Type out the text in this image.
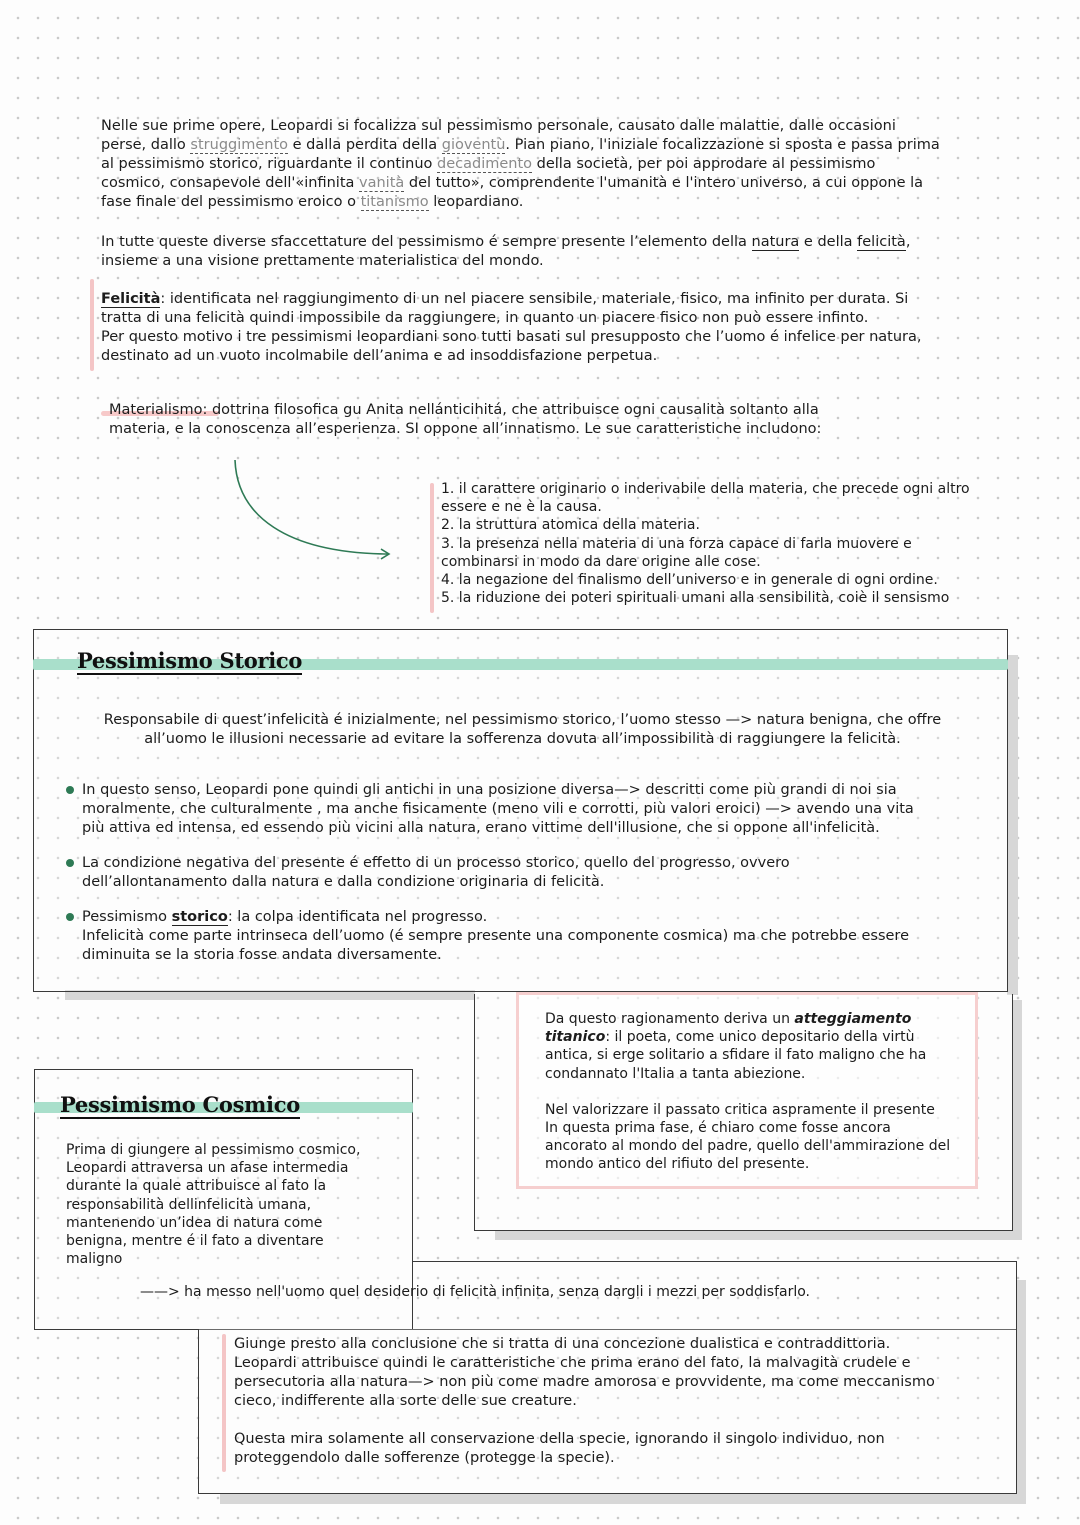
Nelle sue prime opere, Leopardi si focalizza sul pessimismo personale, causato dalle malattie, dalle occasioni

perse, dallo struggimento e dalla perdita della gioventù. Pian piano, l'iniziale focalizzazione si sposta e passa prima

al pessimismo storico, riguardante il continuo decadimento della società, per poi approdare al pessimismo

cosmico, consapevole dell'«infinita vanità del tutto», comprendente l'umanità e l'intero universo, a cui oppone la

fase finale del pessimismo eroico o titanismo leopardiano.

In tutte queste diverse sfaccettature del pessimismo é sempre presente l’elemento della natura e della felicità,

insieme a una visione prettamente materialistica del mondo.

Felicità: identificata nel raggiungimento di un nel piacere sensibile, materiale, fisico, ma infinito per durata. Si

tratta di una felicità quindi impossibile da raggiungere, in quanto un piacere fisico non può essere infinto.

Per questo motivo i tre pessimismi leopardiani sono tutti basati sul presupposto che l’uomo é infelice per natura,

destinato ad un vuoto incolmabile dell’anima e ad insoddisfazione perpetua.

Materialismo: dottrina filosofica gu Anita nellánticihitá, che attribuisce ogni causalità soltanto alla

materia, e la conoscenza all’esperienza. SI oppone all’innatismo. Le sue caratteristiche includono:

1. il carattere originario o inderivabile della materia, che precede ogni altro

essere e ne è la causa.

2. la struttura atomica della materia.

3. la presenza nella materia di una forza capace di farla muovere e

combinarsi in modo da dare origine alle cose.

4. la negazione del finalismo dell’universo e in generale di ogni ordine.

5. la riduzione dei poteri spirituali umani alla sensibilità, coiè il sensismo

Pessimismo Storico

Responsabile di quest’infelicità é inizialmente, nel pessimismo storico, l’uomo stesso —> natura benigna, che offre

all’uomo le illusioni necessarie ad evitare la sofferenza dovuta all’impossibilità di raggiungere la felicità.

In questo senso, Leopardi pone quindi gli antichi in una posizione diversa—> descritti come più grandi di noi sia

moralmente, che culturalmente , ma anche fisicamente (meno vili e corrotti, più valori eroici) —> avendo una vita

più attiva ed intensa, ed essendo più vicini alla natura, erano vittime dell'illusione, che si oppone all'infelicità.

La condizione negativa del presente é effetto di un processo storico, quello del progresso, ovvero

dell’allontanamento dalla natura e dalla condizione originaria di felicità.

Pessimismo storico: la colpa identificata nel progresso.

Infelicità come parte intrinseca dell’uomo (é sempre presente una componente cosmica) ma che potrebbe essere

diminuita se la storia fosse andata diversamente.

Da questo ragionamento deriva un atteggiamento

titanico: il poeta, come unico depositario della virtù

antica, si erge solitario a sfidare il fato maligno che ha

condannato l'Italia a tanta abiezione.

Nel valorizzare il passato critica aspramente il presente

In questa prima fase, é chiaro come fosse ancora

ancorato al mondo del padre, quello dell'ammirazione del

mondo antico del rifiuto del presente.

Pessimismo Cosmico

Prima di giungere al pessimismo cosmico,

Leopardi attraversa un afase intermedia

durante la quale attribuisce al fato la

responsabilità dellinfelicità umana,

mantenendo un’idea di natura come

benigna, mentre é il fato a diventare

maligno

——> ha messo nell'uomo quel desiderio di felicità infinita, senza dargli i mezzi per soddisfarlo.

Giunge presto alla conclusione che si tratta di una concezione dualistica e contraddittoria.

Leopardi attribuisce quindi le caratteristiche che prima erano del fato, la malvagità crudele e

persecutoria alla natura—> non più come madre amorosa e provvidente, ma come meccanismo

cieco, indifferente alla sorte delle sue creature.

Questa mira solamente all conservazione della specie, ignorando il singolo individuo, non

proteggendolo dalle sofferenze (protegge la specie).
